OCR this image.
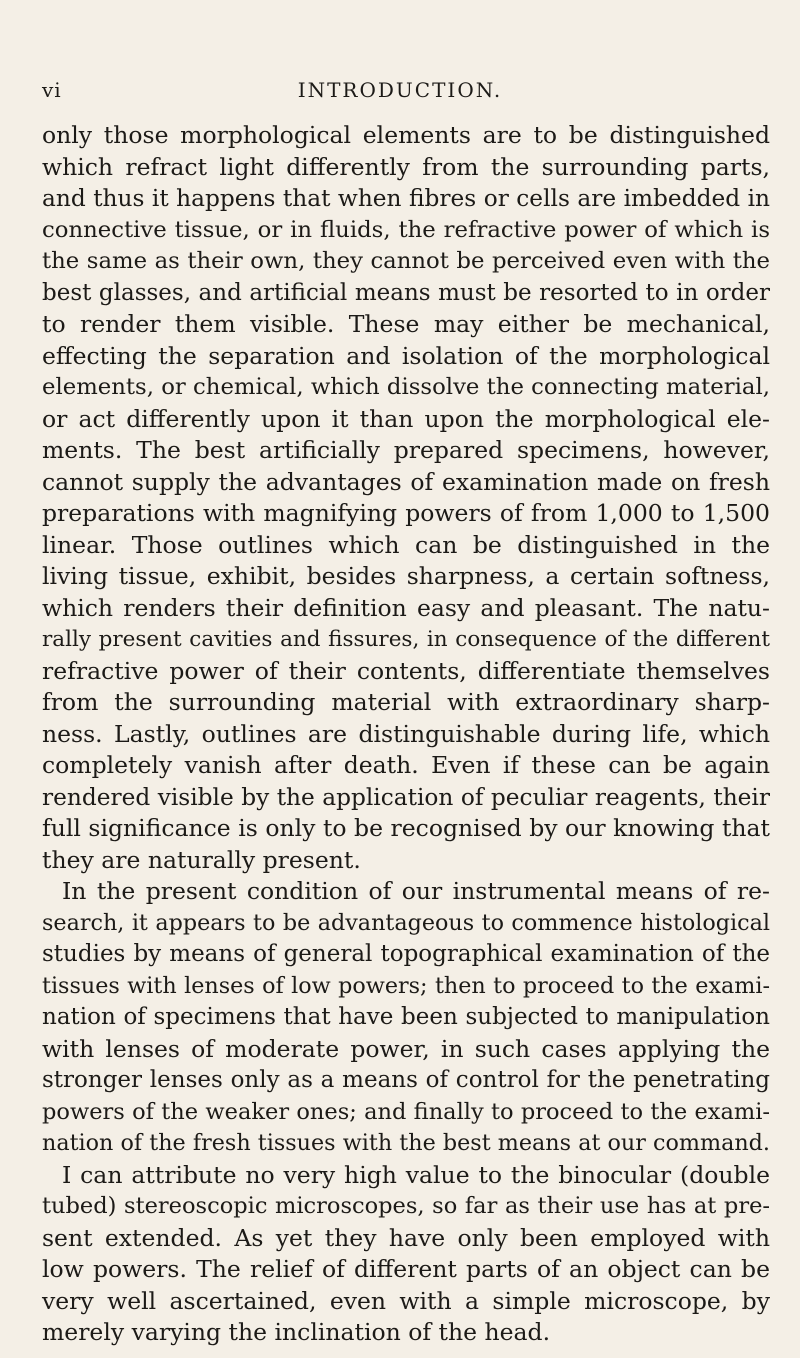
vi	INTRODUCTION.
only those morphological elements are to be distinguished
which refract light differently from the surrounding parts,
and thus it happens that when fibres or cells are imbedded in
connective tissue, or in fluids, the refractive power of which is
the same as their own, they cannot be perceived even with the
best glasses, and artificial means must be resorted to in order
to render them visible. These may either be mechanical,
effecting the separation and isolation of the morphological
elements, or chemical, which dissolve the connecting material,
or act differently upon it than upon the morphological ele-
ments. The best artificially prepared specimens, however,
cannot supply the advantages of examination made on fresh
preparations with magnifying powers of from 1,000 to 1,500
linear. Those outlines which can be distinguished in the
living tissue, exhibit, besides sharpness, a certain softness,
which renders their definition easy and pleasant. The natu-
rally present cavities and fissures, in consequence of the different
refractive power of their contents, differentiate themselves
from the surrounding material with extraordinary sharp-
ness. Lastly, outlines are distinguishable during life, which
completely vanish after death. Even if these can be again
rendered visible by the application of peculiar reagents, their
full significance is only to be recognised by our knowing that
they are naturally present.
In the present condition of our instrumental means of re-
search, it appears to be advantageous to commence histological
studies by means of general topographical examination of the
tissues with lenses of low powers; then to proceed to the exami-
nation of specimens that have been subjected to manipulation
with lenses of moderate power, in such cases applying the
stronger lenses only as a means of control for the penetrating
powers of the weaker ones; and finally to proceed to the exami-
nation of the fresh tissues with the best means at our command.
I can attribute no very high value to the binocular (double
tubed) stereoscopic microscopes, so far as their use has at pre-
sent extended. As yet they have only been employed with
low powers. The relief of different parts of an object can be
very well ascertained, even with a simple microscope, by
merely varying the inclination of the head.
